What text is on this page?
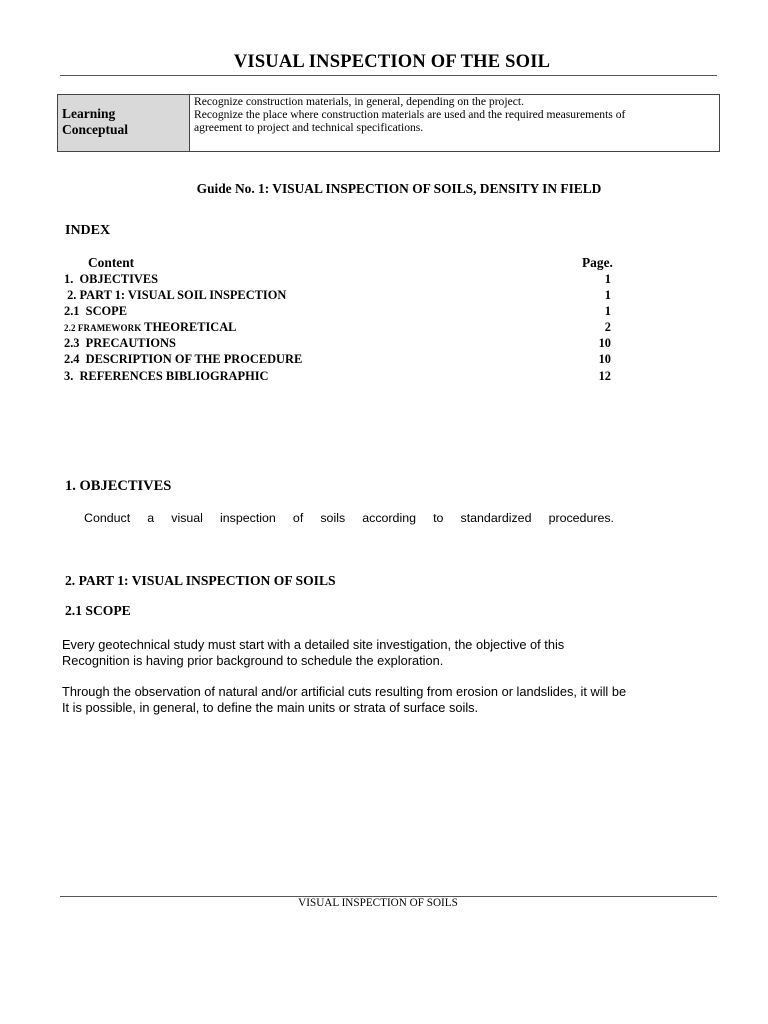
VISUAL INSPECTION OF THE SOIL
Learning
Conceptual
Recognize construction materials, in general, depending on the project.
Recognize the place where construction materials are used and the required measurements of
agreement to project and technical specifications.
Guide No. 1: VISUAL INSPECTION OF SOILS, DENSITY IN FIELD
INDEX
Content	Page.
1.  OBJECTIVES	1
2. PART 1: VISUAL SOIL INSPECTION	1
2.1  SCOPE	1
2.2 FRAMEWORK THEORETICAL	2
2.3  PRECAUTIONS	10
2.4  DESCRIPTION OF THE PROCEDURE	10
3.  REFERENCES BIBLIOGRAPHIC	12
1. OBJECTIVES
Conduct a visual inspection of soils according to standardized procedures.
2. PART 1: VISUAL INSPECTION OF SOILS
2.1 SCOPE
Every geotechnical study must start with a detailed site investigation, the objective of this
Recognition is having prior background to schedule the exploration.
Through the observation of natural and/or artificial cuts resulting from erosion or landslides, it will be
It is possible, in general, to define the main units or strata of surface soils.
VISUAL INSPECTION OF SOILS
